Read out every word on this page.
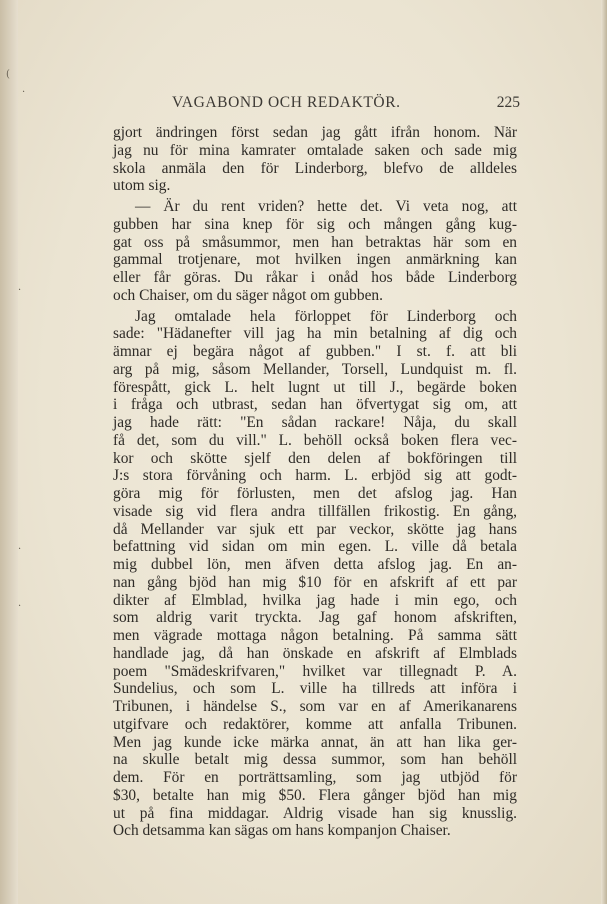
(
·
·
·
·
VAGABOND OCH REDAKTÖR.	225
gjort ändringen först sedan jag gått ifrån honom. När
jag nu för mina kamrater omtalade saken och sade mig
skola anmäla den för Linderborg, blefvo de alldeles
utom sig.
— Är du rent vriden? hette det. Vi veta nog, att
gubben har sina knep för sig och mången gång kug-
gat oss på småsummor, men han betraktas här som en
gammal trotjenare, mot hvilken ingen anmärkning kan
eller får göras. Du råkar i onåd hos både Linderborg
och Chaiser, om du säger något om gubben.
Jag omtalade hela förloppet för Linderborg och
sade: "Hädanefter vill jag ha min betalning af dig och
ämnar ej begära något af gubben." I st. f. att bli
arg på mig, såsom Mellander, Torsell, Lundquist m. fl.
förespått, gick L. helt lugnt ut till J., begärde boken
i fråga och utbrast, sedan han öfvertygat sig om, att
jag hade rätt: "En sådan rackare! Nåja, du skall
få det, som du vill." L. behöll också boken flera vec-
kor och skötte sjelf den delen af bokföringen till
J:s stora förvåning och harm. L. erbjöd sig att godt-
göra mig för förlusten, men det afslog jag. Han
visade sig vid flera andra tillfällen frikostig. En gång,
då Mellander var sjuk ett par veckor, skötte jag hans
befattning vid sidan om min egen. L. ville då betala
mig dubbel lön, men äfven detta afslog jag. En an-
nan gång bjöd han mig $10 för en afskrift af ett par
dikter af Elmblad, hvilka jag hade i min ego, och
som aldrig varit tryckta. Jag gaf honom afskriften,
men vägrade mottaga någon betalning. På samma sätt
handlade jag, då han önskade en afskrift af Elmblads
poem "Smädeskrifvaren," hvilket var tillegnadt P. A.
Sundelius, och som L. ville ha tillreds att införa i
Tribunen, i händelse S., som var en af Amerikanarens
utgifvare och redaktörer, komme att anfalla Tribunen.
Men jag kunde icke märka annat, än att han lika ger-
na skulle betalt mig dessa summor, som han behöll
dem. För en porträttsamling, som jag utbjöd för
$30, betalte han mig $50. Flera gånger bjöd han mig
ut på fina middagar. Aldrig visade han sig knusslig.
Och detsamma kan sägas om hans kompanjon Chaiser.
